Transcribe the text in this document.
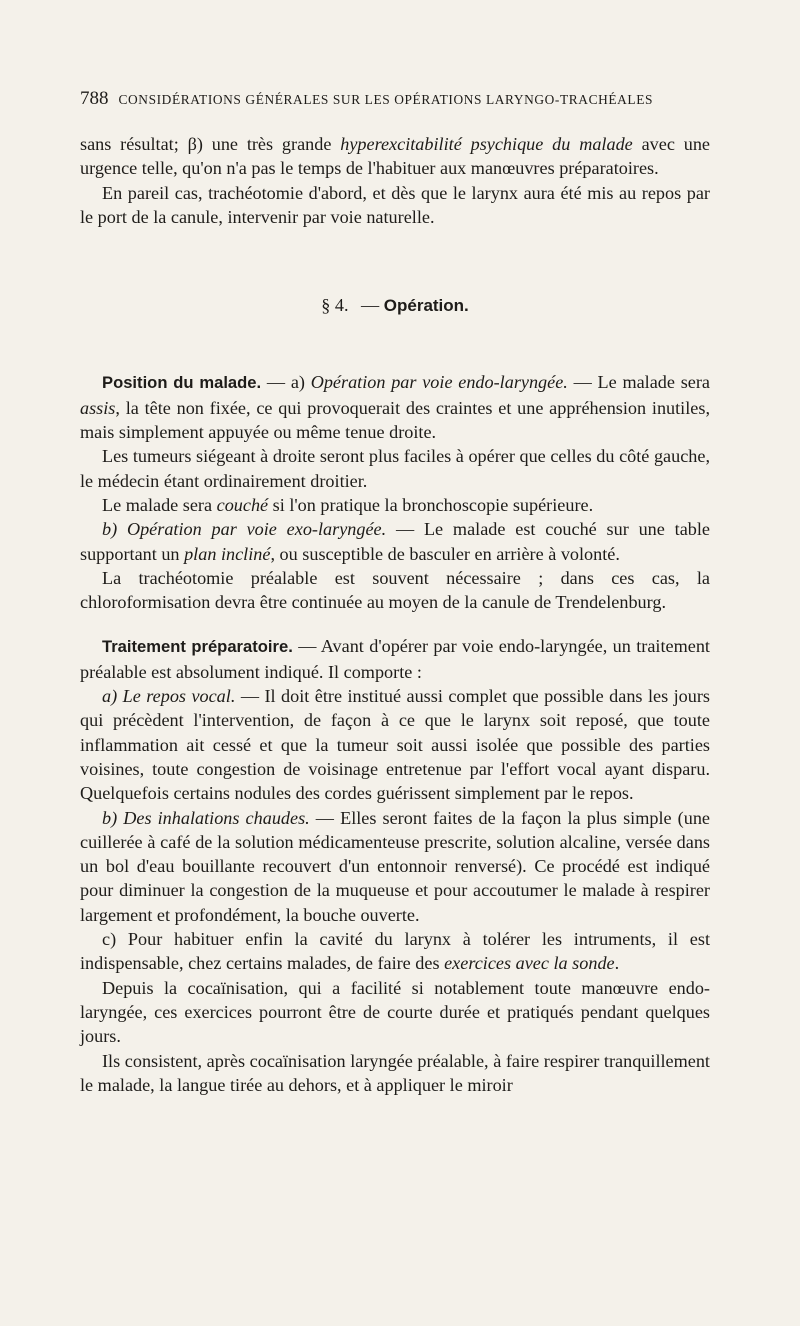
788 CONSIDÉRATIONS GÉNÉRALES SUR LES OPÉRATIONS LARYNGO-TRACHÉALES

sans résultat; β) une très grande hyperexcitabilité psychique du malade avec une urgence telle, qu'on n'a pas le temps de l'habituer aux manœuvres préparatoires.

En pareil cas, trachéotomie d'abord, et dès que le larynx aura été mis au repos par le port de la canule, intervenir par voie naturelle.

§ 4. — Opération.

Position du malade. — a) Opération par voie endo-laryngée. — Le malade sera assis, la tête non fixée, ce qui provoquerait des craintes et une appréhension inutiles, mais simplement appuyée ou même tenue droite.

Les tumeurs siégeant à droite seront plus faciles à opérer que celles du côté gauche, le médecin étant ordinairement droitier.

Le malade sera couché si l'on pratique la bronchoscopie supérieure.

b) Opération par voie exo-laryngée. — Le malade est couché sur une table supportant un plan incliné, ou susceptible de basculer en arrière à volonté.

La trachéotomie préalable est souvent nécessaire ; dans ces cas, la chloroformisation devra être continuée au moyen de la canule de Trendelenburg.

Traitement préparatoire. — Avant d'opérer par voie endo-laryngée, un traitement préalable est absolument indiqué. Il comporte :

a) Le repos vocal. — Il doit être institué aussi complet que possible dans les jours qui précèdent l'intervention, de façon à ce que le larynx soit reposé, que toute inflammation ait cessé et que la tumeur soit aussi isolée que possible des parties voisines, toute congestion de voisinage entretenue par l'effort vocal ayant disparu. Quelquefois certains nodules des cordes guérissent simplement par le repos.

b) Des inhalations chaudes. — Elles seront faites de la façon la plus simple (une cuillerée à café de la solution médicamenteuse prescrite, solution alcaline, versée dans un bol d'eau bouillante recouvert d'un entonnoir renversé). Ce procédé est indiqué pour diminuer la congestion de la muqueuse et pour accoutumer le malade à respirer largement et profondément, la bouche ouverte.

c) Pour habituer enfin la cavité du larynx à tolérer les intruments, il est indispensable, chez certains malades, de faire des exercices avec la sonde.

Depuis la cocaïnisation, qui a facilité si notablement toute manœuvre endo-laryngée, ces exercices pourront être de courte durée et pratiqués pendant quelques jours.

Ils consistent, après cocaïnisation laryngée préalable, à faire respirer tranquillement le malade, la langue tirée au dehors, et à appliquer le miroir
